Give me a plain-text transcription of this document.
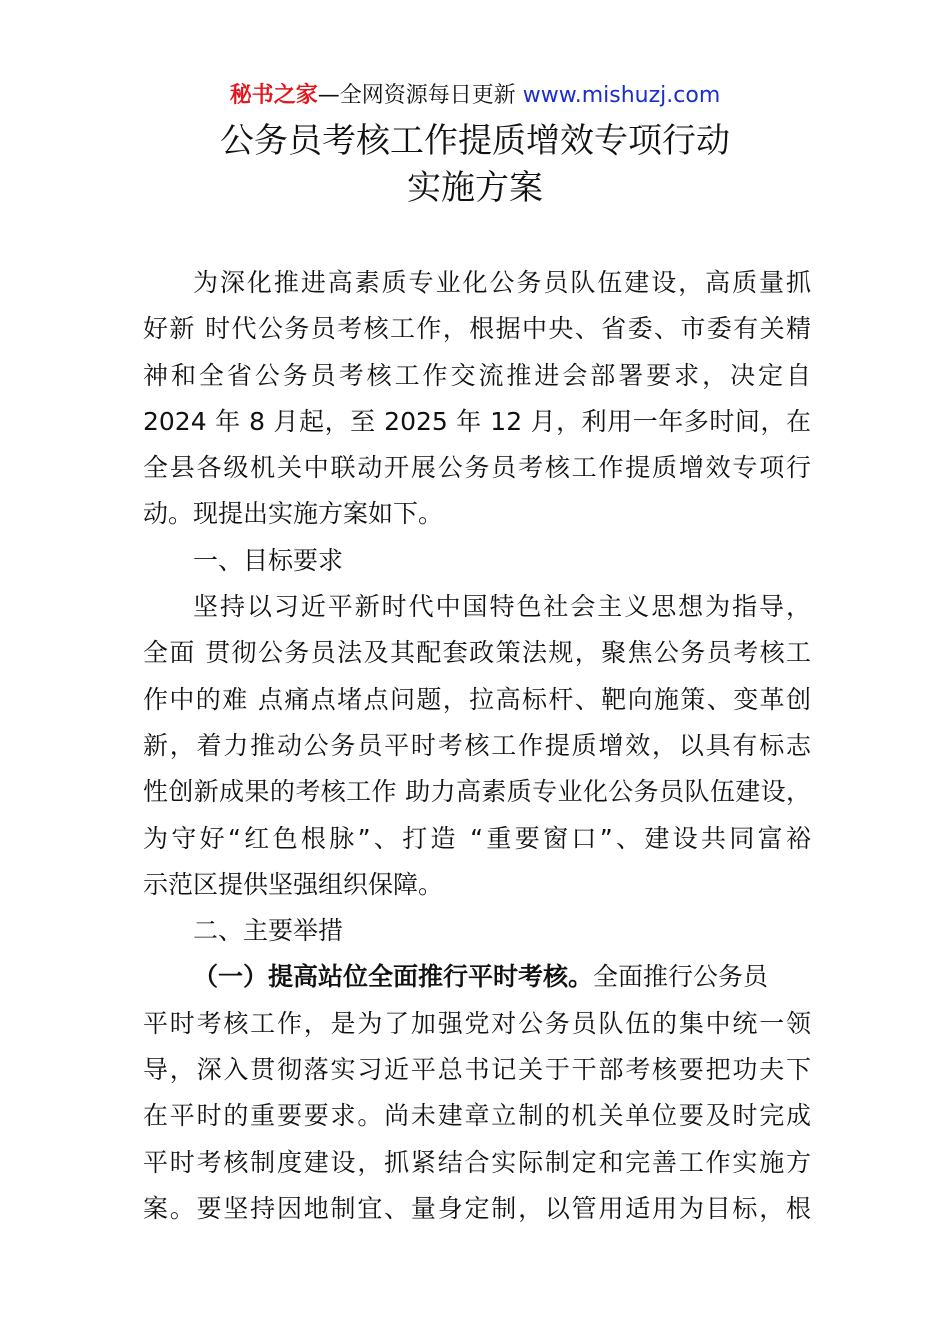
秘书之家—全网资源每日更新 www.mishuzj.com
公务员考核工作提质增效专项行动
实施方案
为深化推进高素质专业化公务员队伍建设，高质量抓
好新 时代公务员考核工作，根据中央、省委、市委有关精
神和全省公务员考核工作交流推进会部署要求，决定自
2024 年 8 月起，至 2025 年 12 月，利用一年多时间，在
全县各级机关中联动开展公务员考核工作提质增效专项行
动。现提出实施方案如下。
一、目标要求
坚持以习近平新时代中国特色社会主义思想为指导，
全面 贯彻公务员法及其配套政策法规，聚焦公务员考核工
作中的难 点痛点堵点问题，拉高标杆、靶向施策、变革创
新，着力推动公务员平时考核工作提质增效，以具有标志
性创新成果的考核工作 助力高素质专业化公务员队伍建设，
为守好“红色根脉”、打造 “重要窗口”、建设共同富裕
示范区提供坚强组织保障。
二、主要举措
（一）提高站位全面推行平时考核。全面推行公务员
平时考核工作，是为了加强党对公务员队伍的集中统一领
导，深入贯彻落实习近平总书记关于干部考核要把功夫下
在平时的重要要求。尚未建章立制的机关单位要及时完成
平时考核制度建设，抓紧结合实际制定和完善工作实施方
案。要坚持因地制宜、量身定制，以管用适用为目标，根
